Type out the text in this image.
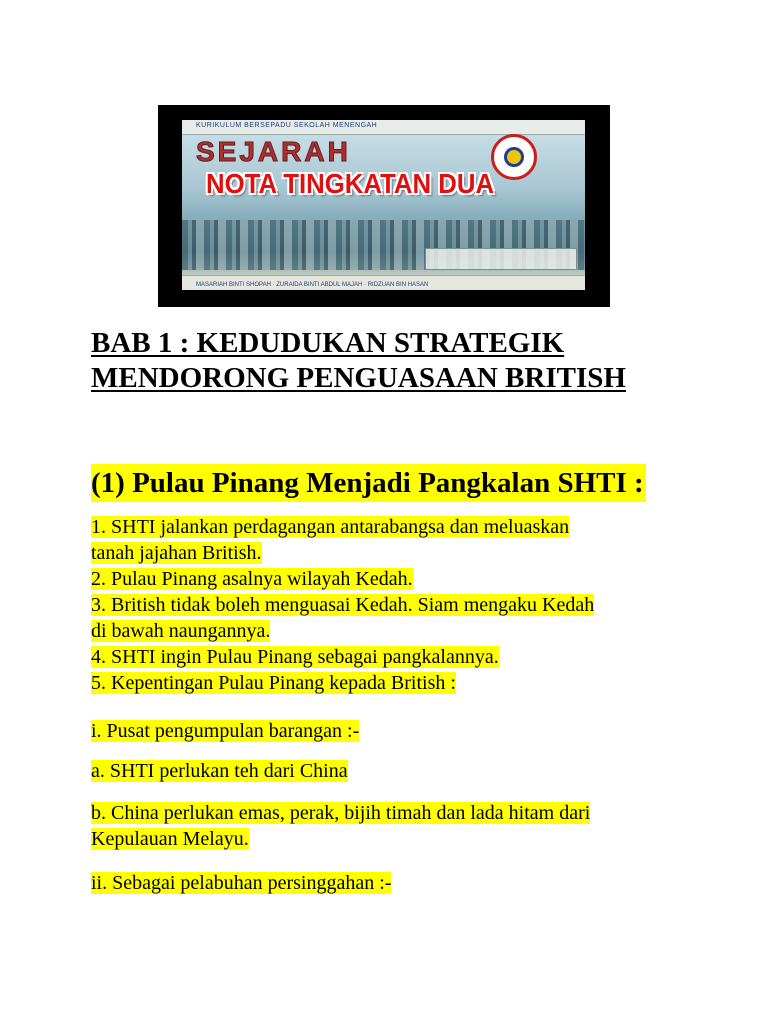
KURIKULUM BERSEPADU SEKOLAH MENENGAH
SEJARAH
NOTA TINGKATAN DUA
MASARIAH BINTI SHOPAH · ZURAIDA BINTI ABDUL MAJAH · RIDZUAN BIN HASAN
BAB 1 : KEDUDUKAN STRATEGIK
MENDORONG PENGUASAAN BRITISH
(1) Pulau Pinang Menjadi Pangkalan SHTI :

1. SHTI jalankan perdagangan antarabangsa dan meluaskan
tanah jajahan British.
2. Pulau Pinang asalnya wilayah Kedah.
3. British tidak boleh menguasai Kedah. Siam mengaku Kedah
di bawah naungannya.
4. SHTI ingin Pulau Pinang sebagai pangkalannya.
5. Kepentingan Pulau Pinang kepada British :

i. Pusat pengumpulan barangan :-

a. SHTI perlukan teh dari China

b. China perlukan emas, perak, bijih timah dan lada hitam dari
Kepulauan Melayu.

ii. Sebagai pelabuhan persinggahan :-
